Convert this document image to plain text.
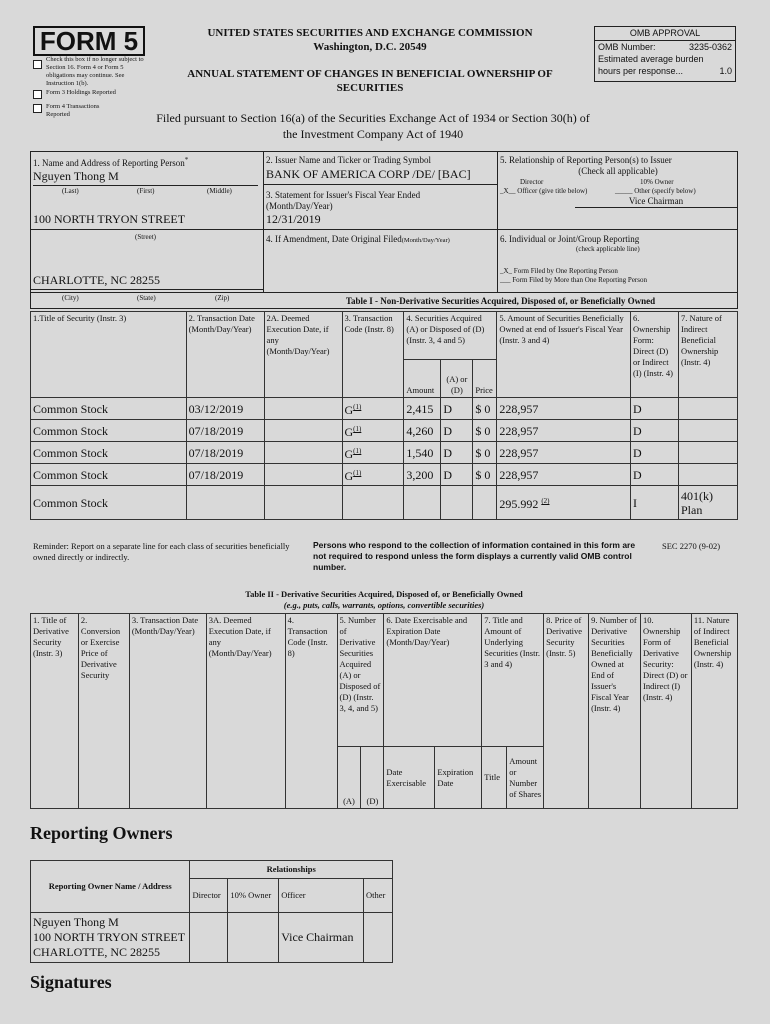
FORM 5
Check this box if no longer subject to Section 16. Form 4 or Form 5 obligations may continue. See Instruction 1(b).
Form 3 Holdings Reported
Form 4 Transactions Reported
UNITED STATES SECURITIES AND EXCHANGE COMMISSION
Washington, D.C. 20549
ANNUAL STATEMENT OF CHANGES IN BENEFICIAL OWNERSHIP OF SECURITIES
Filed pursuant to Section 16(a) of the Securities Exchange Act of 1934 or Section 30(h) of the Investment Company Act of 1940
OMB APPROVAL
OMB Number:	3235-0362
Estimated average burden
hours per response...	1.0
1. Name and Address of Reporting Person*
Nguyen Thong M
(Last)	(First)	(Middle)
100 NORTH TRYON STREET
(Street)
CHARLOTTE, NC 28255
(City)	(State)	(Zip)
2. Issuer Name and Ticker or Trading Symbol
BANK OF AMERICA CORP /DE/ [BAC]
3. Statement for Issuer's Fiscal Year Ended (Month/Day/Year)
12/31/2019
4. If Amendment, Date Original Filed(Month/Day/Year)
5. Relationship of Reporting Person(s) to Issuer
(Check all applicable)
Director	10% Owner
_X__ Officer (give title below)	_____ Other (specify below)
Vice Chairman
6. Individual or Joint/Group Reporting
(check applicable line)
_X_ Form Filed by One Reporting Person
___ Form Filed by More than One Reporting Person
Table I - Non-Derivative Securities Acquired, Disposed of, or Beneficially Owned
1.Title of Security (Instr. 3)	2. Transaction Date (Month/Day/Year)	2A. Deemed Execution Date, if any (Month/Day/Year)	3. Transaction Code (Instr. 8)	4. Securities Acquired (A) or Disposed of (D) (Instr. 3, 4 and 5)			5. Amount of Securities Beneficially Owned at end of Issuer's Fiscal Year (Instr. 3 and 4)	6. Ownership Form: Direct (D) or Indirect (I) (Instr. 4)	7. Nature of Indirect Beneficial Ownership (Instr. 4)
				Amount	(A) or (D)	Price			
Common Stock	03/12/2019		$G^{(1)}$	2,415	D	$ 0	228,957	D	
Common Stock	07/18/2019		$G^{(1)}$	4,260	D	$ 0	228,957	D	
Common Stock	07/18/2019		$G^{(1)}$	1,540	D	$ 0	228,957	D	
Common Stock	07/18/2019		$G^{(1)}$	3,200	D	$ 0	228,957	D	
Common Stock							295.992 $^{(2)}$	I	401(k) Plan
Reminder: Report on a separate line for each class of securities beneficially owned directly or indirectly.
Persons who respond to the collection of information contained in this form are not required to respond unless the form displays a currently valid OMB control number.
SEC 2270 (9-02)
Table II - Derivative Securities Acquired, Disposed of, or Beneficially Owned
(e.g., puts, calls, warrants, options, convertible securities)
1. Title of Derivative Security (Instr. 3)	2. Conversion or Exercise Price of Derivative Security	3. Transaction Date (Month/Day/Year)	3A. Deemed Execution Date, if any (Month/Day/Year)	4. Transaction Code (Instr. 8)	5. Number of Derivative Securities Acquired (A) or Disposed of (D) (Instr. 3, 4, and 5)		6. Date Exercisable and Expiration Date (Month/Day/Year)		7. Title and Amount of Underlying Securities (Instr. 3 and 4)		8. Price of Derivative Security (Instr. 5)	9. Number of Derivative Securities Beneficially Owned at End of Issuer's Fiscal Year (Instr. 4)	10. Ownership Form of Derivative Security: Direct (D) or Indirect (I) (Instr. 4)	11. Nature of Indirect Beneficial Ownership (Instr. 4)
					(A)	(D)	Date Exercisable	Expiration Date	Title	Amount or Number of Shares				
Reporting Owners
Reporting Owner Name / Address	Relationships			
	Director	10% Owner	Officer	Other

Nguyen Thong M
100 NORTH TRYON STREET
CHARLOTTE, NC 28255			Vice Chairman	
Signatures
